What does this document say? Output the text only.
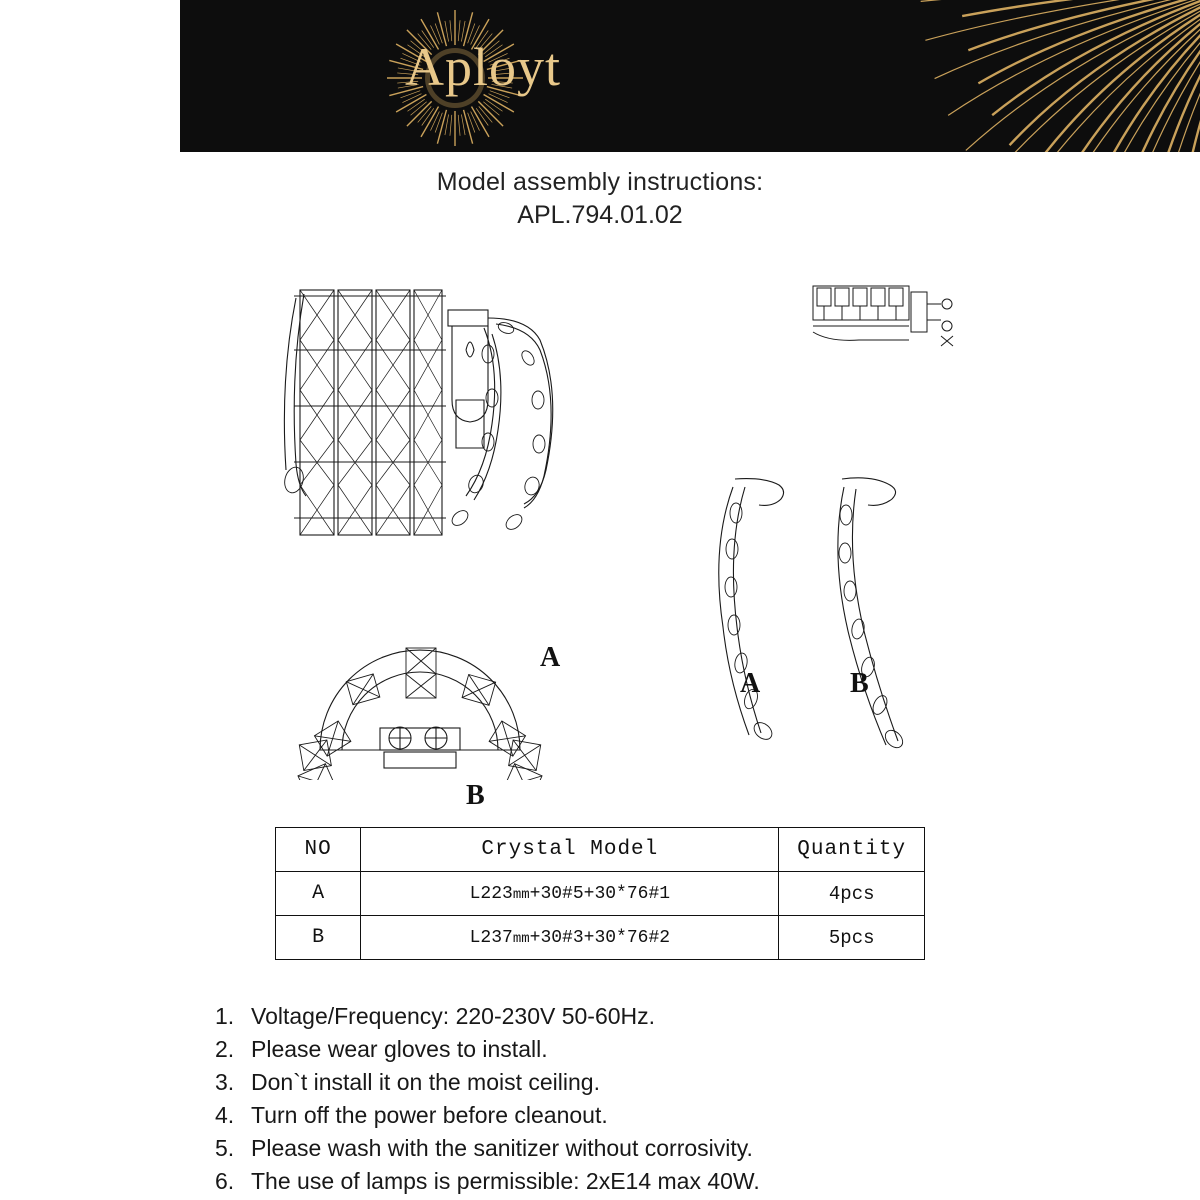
Aployt
Model assembly instructions:
APL.794.01.02
A
B
A	B
NO	Crystal Model	Quantity
A	L223mm+30#5+30*76#1	4pcs
B	L237mm+30#3+30*76#2	5pcs
1. Voltage/Frequency: 220-230V 50-60Hz.
2. Please wear gloves to install.
3. Don`t install it on the moist ceiling.
4. Turn off the power before cleanout.
5. Please wash with the sanitizer without corrosivity.
6. The use of lamps is permissible: 2xE14 max 40W.
